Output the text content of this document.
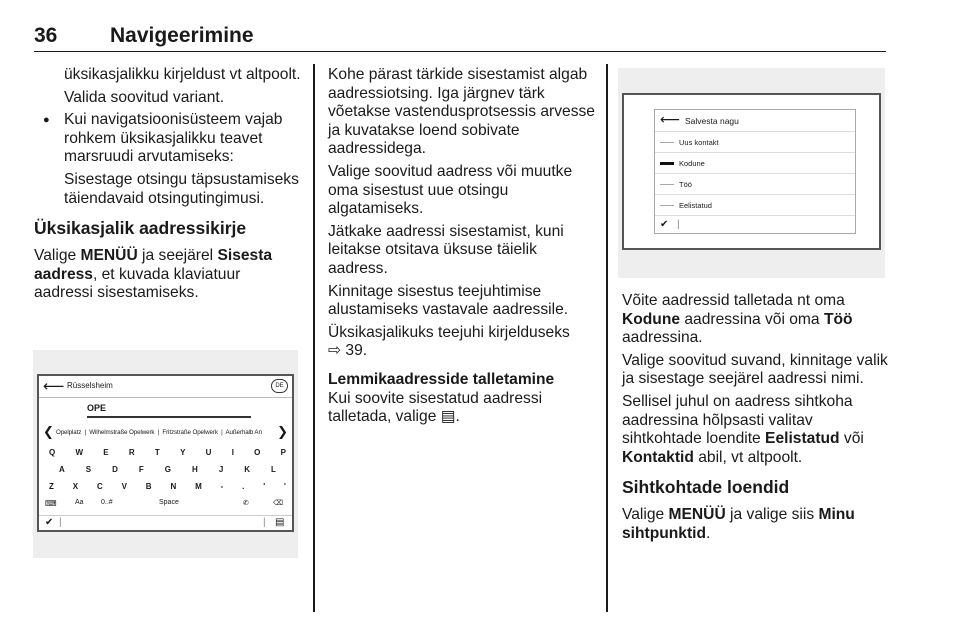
36	Navigeerimine

üksikasjalikku kirjeldust vt altpoolt.

Valida soovitud variant.

● Kui navigatsioonisüsteem vajab rohkem üksikasjalikku teavet marsruudi arvutamiseks:

Sisestage otsingu täpsustamiseks täiendavaid otsingutingimusi.

Üksikasjalik aadressikirje

Valige MENÜÜ ja seejärel Sisesta aadress, et kuvada klaviatuur aadressi sisestamiseks.

⟵ Rüsselsheim	DE
OPE
❮ Opelplatz  |  Wilhelmstraße Opelwerk  |  Fritzstraße Opelwerk  |  Außerhalb An ❯
Q	W	E	R	T	Y	U	I	O	P
A	S	D	F	G	H	J	K	L
Z X C V B N M - . ' '
⌨	Aa 0..#	Space	✆	⌫
✔ |	| ▤

Kohe pärast tärkide sisestamist algab aadressiotsing. Iga järgnev tärk võetakse vastendusprotsessis arvesse ja kuvatakse loend sobivate aadressidega.

Valige soovitud aadress või muutke oma sisestust uue otsingu algatamiseks.

Jätkake aadressi sisestamist, kuni leitakse otsitava üksuse täielik aadress.

Kinnitage sisestus teejuhtimise alustamiseks vastavale aadressile.

Üksikasjalikuks teejuhi kirjelduseks
⇨ 39.

Lemmikaadresside talletamine

Kui soovite sisestatud aadressi talletada, valige ▤.

⟵ Salvesta nagu
Uus kontakt
Kodune
Töö
Eelistatud
✔ |

Võite aadressid talletada nt oma Kodune aadressina või oma Töö aadressina.

Valige soovitud suvand, kinnitage valik ja sisestage seejärel aadressi nimi.

Sellisel juhul on aadress sihtkoha aadressina hõlpsasti valitav sihtkohtade loendite Eelistatud või Kontaktid abil, vt altpoolt.

Sihtkohtade loendid

Valige MENÜÜ ja valige siis Minu sihtpunktid.
